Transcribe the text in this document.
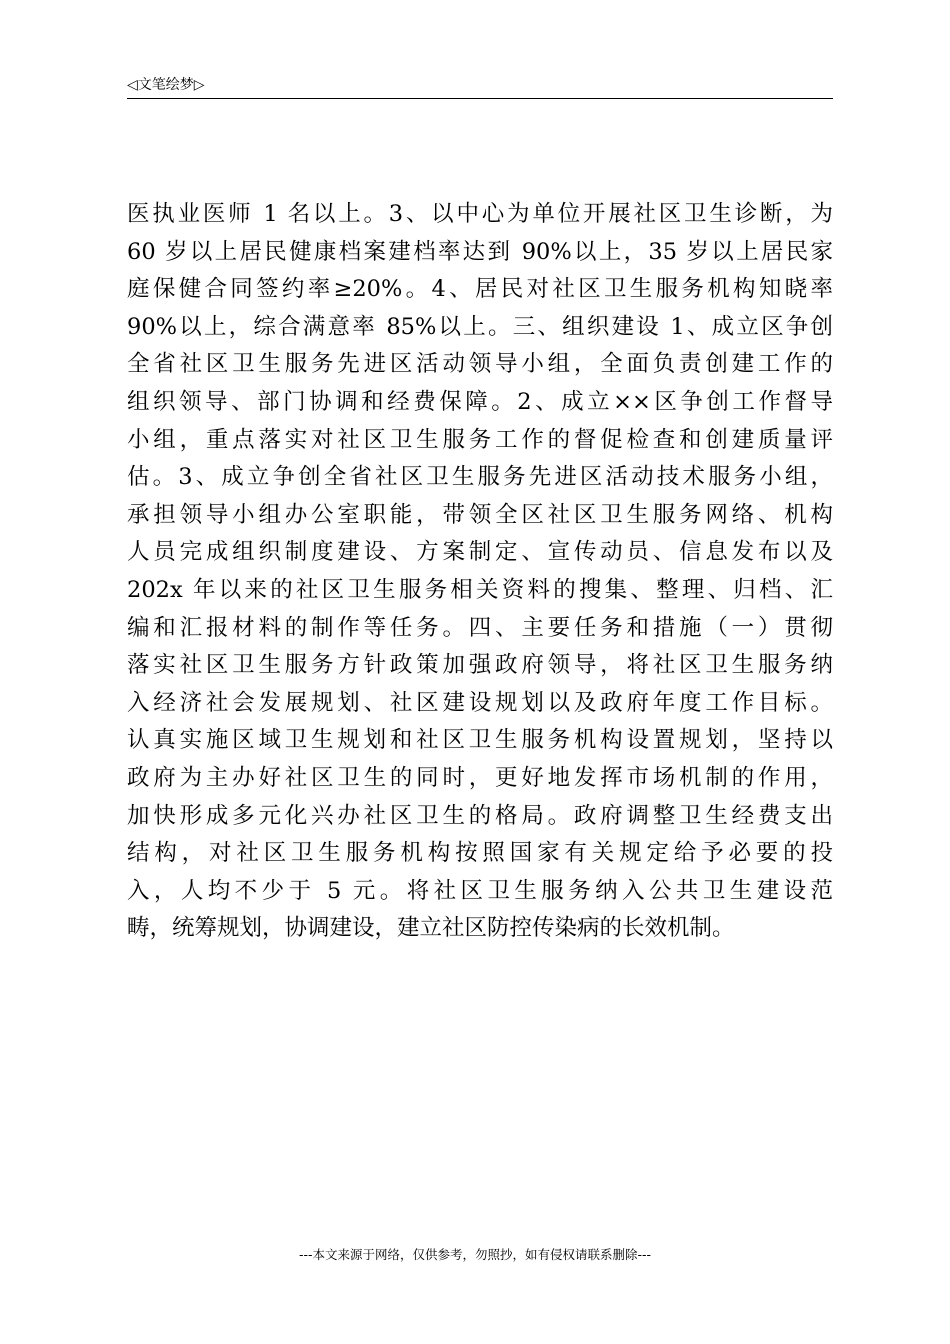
◁文笔绘梦▷
医执业医师 1 名以上。3、以中心为单位开展社区卫生诊断，为
60 岁以上居民健康档案建档率达到 90%以上，35 岁以上居民家
庭保健合同签约率≥20%。4、居民对社区卫生服务机构知晓率
90%以上，综合满意率 85%以上。三、组织建设 1、成立区争创
全省社区卫生服务先进区活动领导小组，全面负责创建工作的
组织领导、部门协调和经费保障。2、成立××区争创工作督导
小组，重点落实对社区卫生服务工作的督促检查和创建质量评
估。3、成立争创全省社区卫生服务先进区活动技术服务小组，
承担领导小组办公室职能，带领全区社区卫生服务网络、机构
人员完成组织制度建设、方案制定、宣传动员、信息发布以及
202x 年以来的社区卫生服务相关资料的搜集、整理、归档、汇
编和汇报材料的制作等任务。四、主要任务和措施（一）贯彻
落实社区卫生服务方针政策加强政府领导，将社区卫生服务纳
入经济社会发展规划、社区建设规划以及政府年度工作目标。
认真实施区域卫生规划和社区卫生服务机构设置规划，坚持以
政府为主办好社区卫生的同时，更好地发挥市场机制的作用，
加快形成多元化兴办社区卫生的格局。政府调整卫生经费支出
结构，对社区卫生服务机构按照国家有关规定给予必要的投
入，人均不少于 5 元。将社区卫生服务纳入公共卫生建设范
畴，统筹规划，协调建设，建立社区防控传染病的长效机制。
---本文来源于网络，仅供参考，勿照抄，如有侵权请联系删除---
